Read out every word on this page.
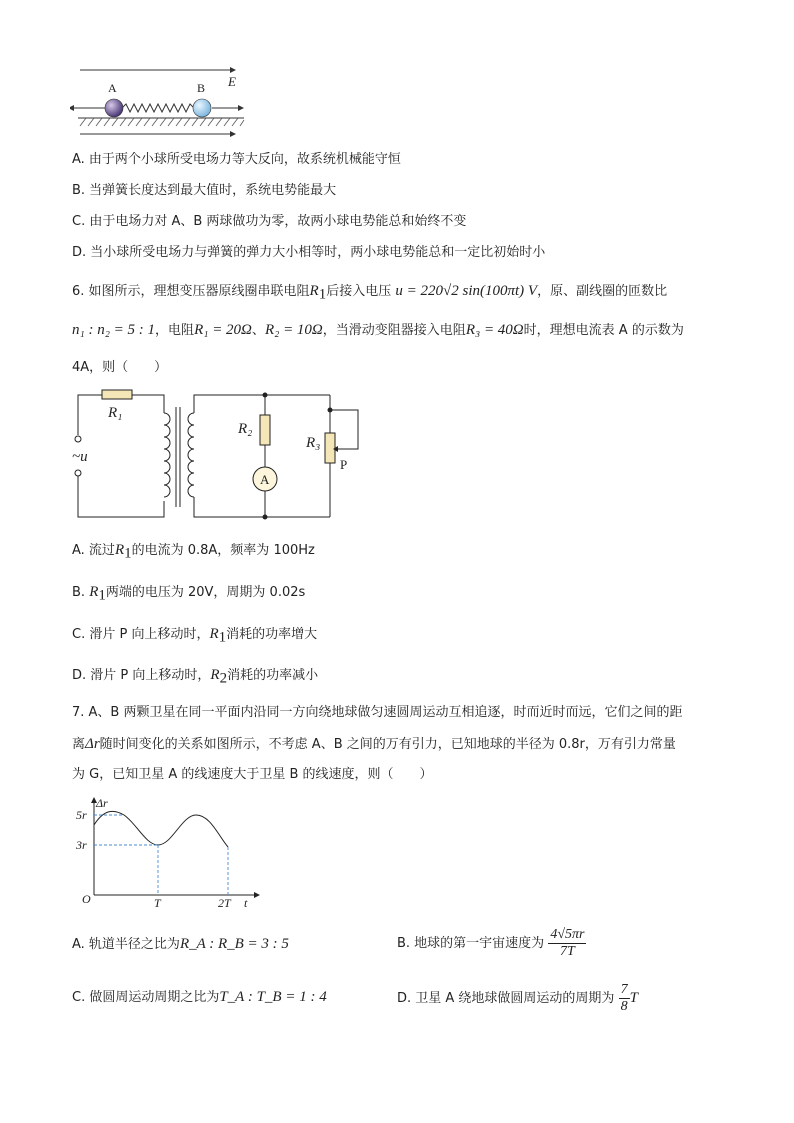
E
A	B
A. 由于两个小球所受电场力等大反向，故系统机械能守恒
B. 当弹簧长度达到最大值时，系统电势能最大
C. 由于电场力对 A、B 两球做功为零，故两小球电势能总和始终不变
D. 当小球所受电场力与弹簧的弹力大小相等时，两小球电势能总和一定比初始时小
6. 如图所示，理想变压器原线圈串联电阻$R_1$后接入电压 u = 220√2 sin(100πt) V，原、副线圈的匝数比
n₁ : n₂ = 5 : 1，电阻R₁ = 20Ω、R₂ = 10Ω，当滑动变阻器接入电阻R₃ = 40Ω时，理想电流表 A 的示数为
4A，则（　　）
R₁
R₂
R₃
A
~u	P
A. 流过$R_1$的电流为 0.8A，频率为 100Hz
B. $R_1$两端的电压为 20V，周期为 0.02s
C. 滑片 P 向上移动时，$R_1$消耗的功率增大
D. 滑片 P 向上移动时，$R_2$消耗的功率减小
7. A、B 两颗卫星在同一平面内沿同一方向绕地球做匀速圆周运动互相追逐，时而近时而远，它们之间的距
离Δr随时间变化的关系如图所示，不考虑 A、B 之间的万有引力，已知地球的半径为 0.8r，万有引力常量
为 G，已知卫星 A 的线速度大于卫星 B 的线速度，则（　　）
Δr
5r
3r
O	T	2T t
A. 轨道半径之比为R_A : R_B = 3 : 5	B. 地球的第一宇宙速度为 $\frac{4√5\pi r}{7T}$
C. 做圆周运动周期之比为T_A : T_B = 1 : 4	D. 卫星 A 绕地球做圆周运动的周期为 $\frac{7}{8}$ T
